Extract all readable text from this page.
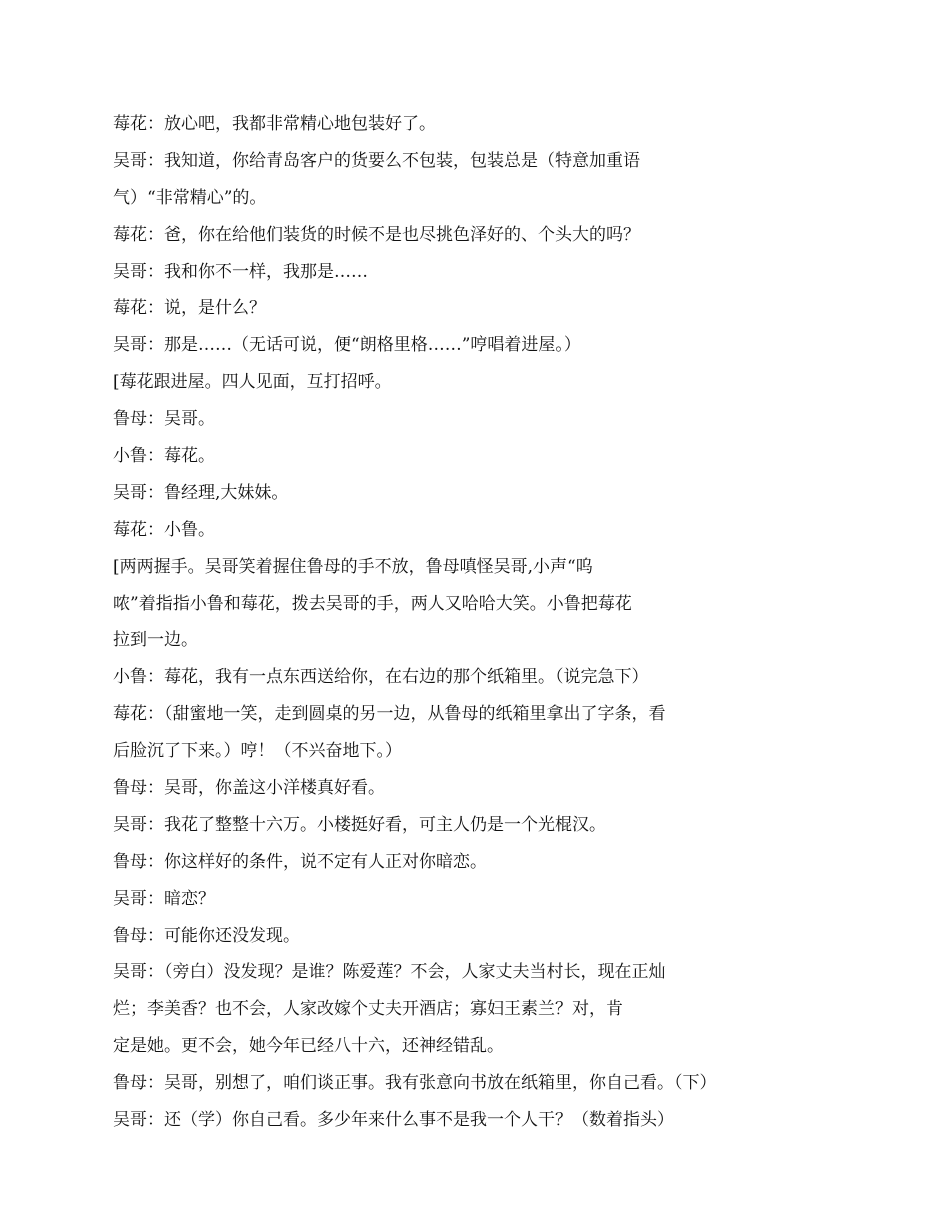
莓花：放心吧，我都非常精心地包装好了。
吴哥：我知道，你给青岛客户的货要么不包装，包装总是（特意加重语
气）“非常精心”的。
莓花：爸，你在给他们装货的时候不是也尽挑色泽好的、个头大的吗？
吴哥：我和你不一样，我那是……
莓花：说，是什么？
吴哥：那是……（无话可说，便“朗格里格……”哼唱着进屋。）
[莓花跟进屋。四人见面，互打招呼。
鲁母：吴哥。
小鲁：莓花。
吴哥：鲁经理,大妹妹。
莓花：小鲁。
[两两握手。吴哥笑着握住鲁母的手不放，鲁母嗔怪吴哥,小声“呜
哝”着指指小鲁和莓花，拨去吴哥的手，两人又哈哈大笑。小鲁把莓花
拉到一边。
小鲁：莓花，我有一点东西送给你，在右边的那个纸箱里。（说完急下）
莓花：（甜蜜地一笑，走到圆桌的另一边，从鲁母的纸箱里拿出了字条，看
后脸沉了下来。）哼！（不兴奋地下。）
鲁母：吴哥，你盖这小洋楼真好看。
吴哥：我花了整整十六万。小楼挺好看，可主人仍是一个光棍汉。
鲁母：你这样好的条件，说不定有人正对你暗恋。
吴哥：暗恋？
鲁母：可能你还没发现。
吴哥：（旁白）没发现？是谁？陈爱莲？不会，人家丈夫当村长，现在正灿
烂；李美香？也不会，人家改嫁个丈夫开酒店；寡妇王素兰？对，肯
定是她。更不会，她今年已经八十六，还神经错乱。
鲁母：吴哥，别想了，咱们谈正事。我有张意向书放在纸箱里，你自己看。（下）
吴哥：还（学）你自己看。多少年来什么事不是我一个人干？（数着指头）
